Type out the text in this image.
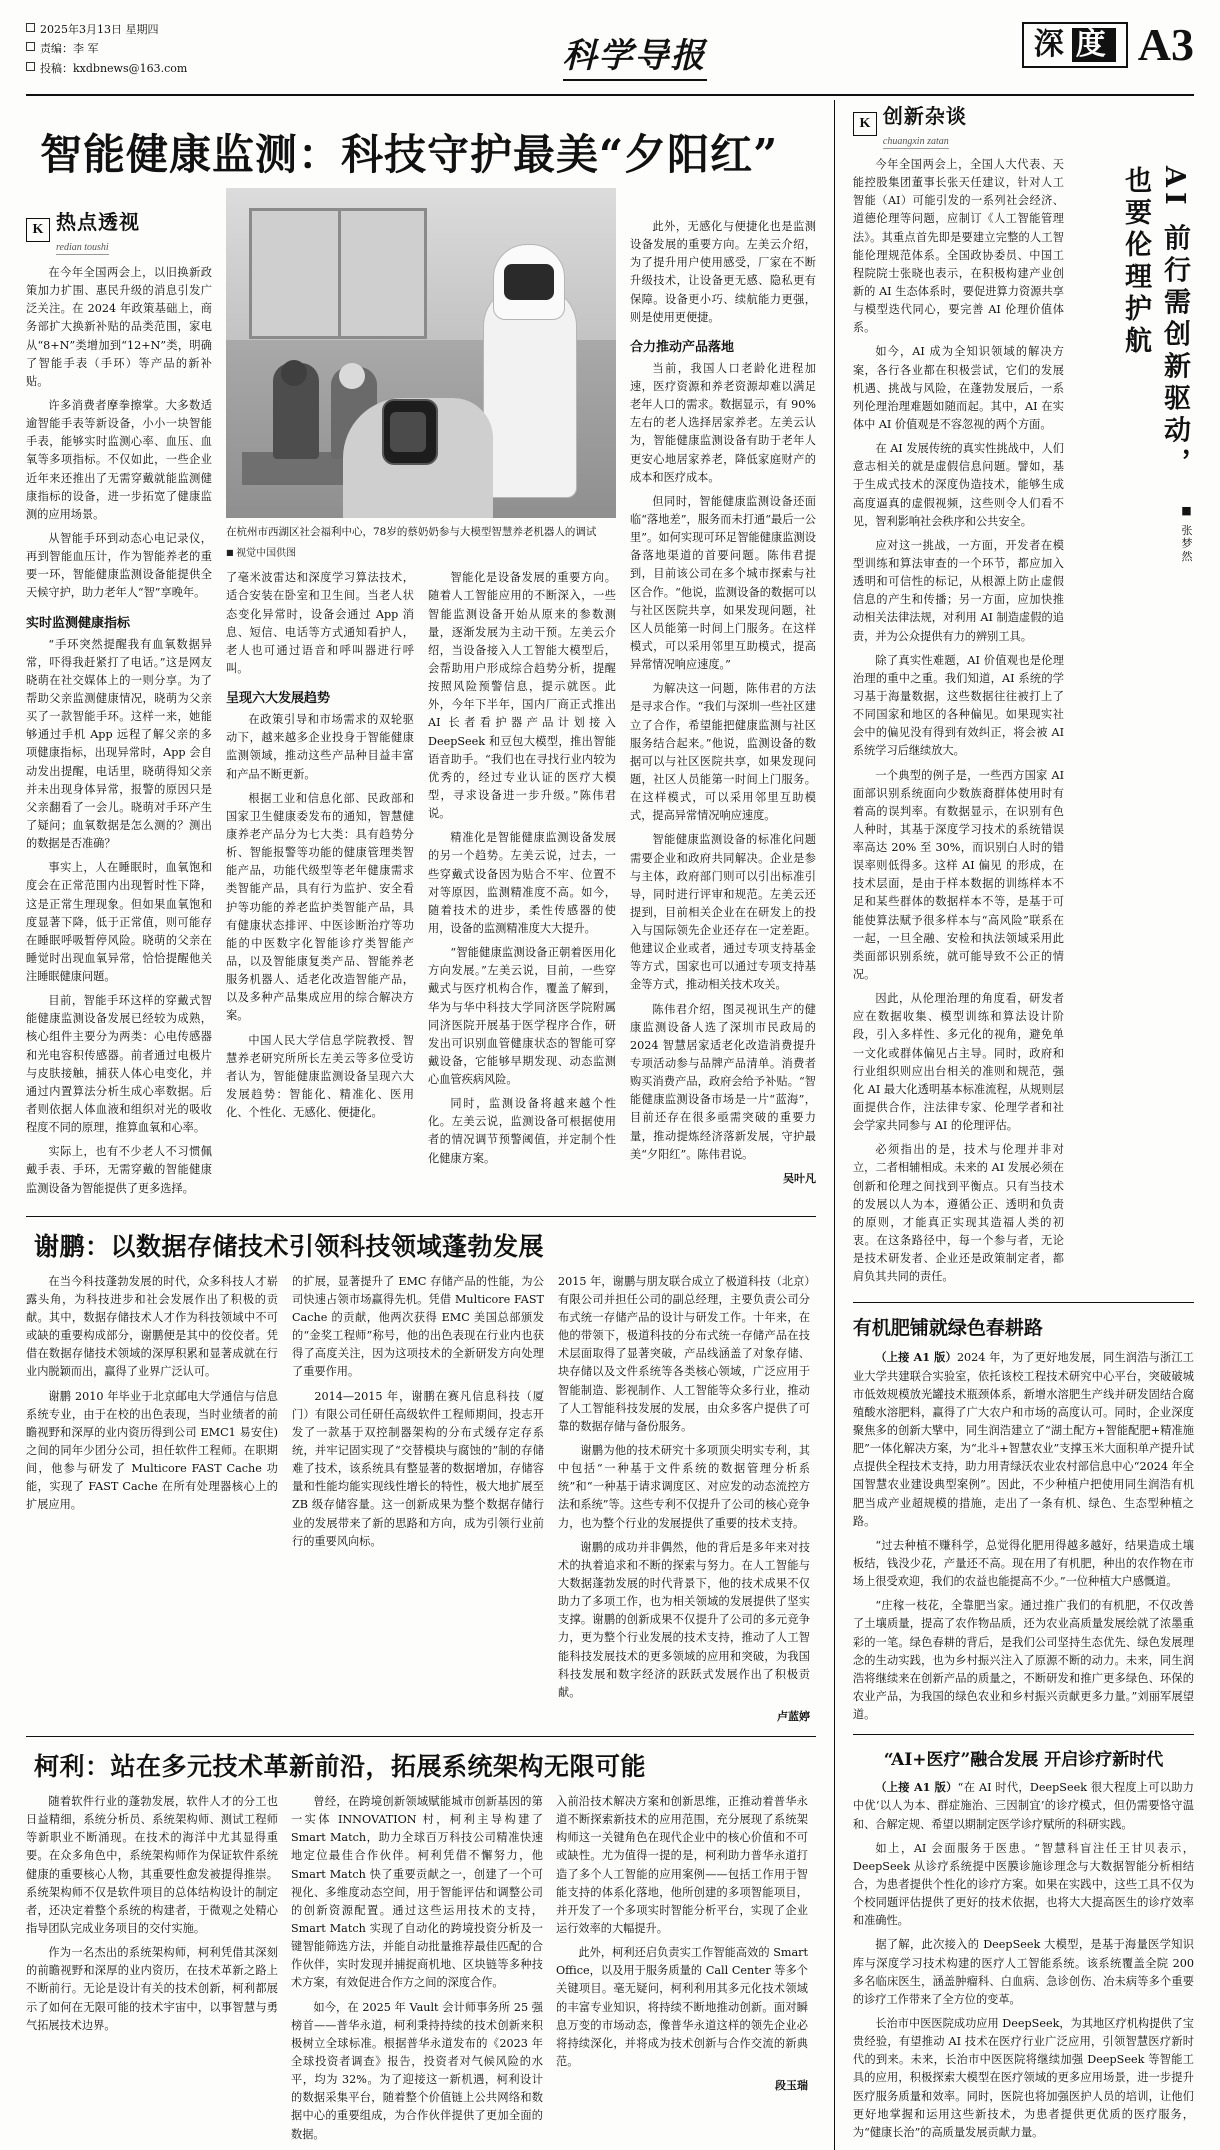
2025年3月13日 星期四
责编：李 军
投稿：kxdbnews@163.com	科学导报	深 度 A3
智能健康监测：科技守护最美“夕阳红”
K 热点透视
redian toushi

在今年全国两会上，以旧换新政策加力扩围、惠民升级的消息引发广泛关注。在 2024 年政策基础上，商务部扩大换新补贴的品类范围，家电从“8+N”类增加到“12+N”类，明确了智能手表（手环）等产品的新补贴。

许多消费者摩拳擦掌。大多数适逾智能手表等新设备，小小一块智能手表，能够实时监测心率、血压、血氧等多项指标。不仅如此，一些企业近年来还推出了无需穿戴就能监测健康指标的设备，进一步拓宽了健康监测的应用场景。

从智能手环到动态心电记录仪，再到智能血压计，作为智能养老的重要一环，智能健康监测设备能提供全天候守护，助力老年人“智”享晚年。

实时监测健康指标

“手环突然提醒我有血氧数据异常，吓得我赶紧打了电话。”这是网友晓萌在社交媒体上的一则分享。为了帮助父亲监测健康情况，晓萌为父亲买了一款智能手环。这样一来，她能够通过手机 App 远程了解父亲的多项健康指标，出现异常时，App 会自动发出提醒，电话里，晓萌得知父亲并未出现身体异常，报警的原因只是父亲翻看了一会儿。晓萌对手环产生了疑问；血氧数据是怎么测的？测出的数据是否准确？

事实上，人在睡眠时，血氧饱和度会在正常范围内出现暂时性下降，这是正常生理现象。但如果血氧饱和度显著下降，低于正常值，则可能存在睡眠呼吸暂停风险。晓萌的父亲在睡觉时出现血氧异常，恰恰提醒他关注睡眠健康问题。

目前，智能手环这样的穿戴式智能健康监测设备发展已经较为成熟，核心组件主要分为两类：心电传感器和光电容积传感器。前者通过电极片与皮肤接触，捕获人体心电变化，并通过内置算法分析生成心率数据。后者则依据人体血液和组织对光的吸收程度不同的原理，推算血氧和心率。

实际上，也有不少老人不习惯佩戴手表、手环，无需穿戴的智能健康监测设备为智能提供了更多选择。

在杭州市西湖区社会福利中心，78岁的蔡奶奶参与大模型智慧养老机器人的调试
■ 视觉中国供图

了毫米波雷达和深度学习算法技术，适合安装在卧室和卫生间。当老人状态变化异常时，设备会通过 App 消息、短信、电话等方式通知看护人，老人也可通过语音和呼叫器进行呼叫。

呈现六大发展趋势

在政策引导和市场需求的双轮驱动下，越来越多企业投身于智能健康监测领域，推动这些产品种目益丰富和产品不断更新。

根据工业和信息化部、民政部和国家卫生健康委发布的通知，智慧健康养老产品分为七大类：具有趋势分析、智能报警等功能的健康管理类智能产品，功能代级型等老年健康需求类智能产品，具有行为监护、安全看护等功能的养老监护类智能产品，具有健康状态排评、中医诊断治疗等功能的中医数字化智能诊疗类智能产品，以及智能康复类产品、智能养老服务机器人、适老化改造智能产品，以及多种产品集成应用的综合解决方案。

中国人民大学信息学院教授、智慧养老研究所所长左美云等多位受访者认为，智能健康监测设备呈现六大发展趋势：智能化、精准化、医用化、个性化、无感化、便捷化。

智能化是设备发展的重要方向。随着人工智能应用的不断深入，一些智能监测设备开始从原来的参数测量，逐渐发展为主动干预。左美云介绍，当设备接入人工智能大模型后，会帮助用户形成综合趋势分析，提醒按照风险预警信息，提示就医。此外，今年下半年，国内厂商正式推出 AI 长者看护器产品计划接入 DeepSeek 和豆包大模型，推出智能语音助手。“我们也在寻找行业内较为优秀的，经过专业认证的医疗大模型，寻求设备进一步升级。”陈伟君说。

精准化是智能健康监测设备发展的另一个趋势。左美云说，过去，一些穿戴式设备因为贴合不牢、位置不对等原因，监测精准度不高。如今，随着技术的进步，柔性传感器的使用，设备的监测精准度大大提升。

“智能健康监测设备正朝着医用化方向发展。”左美云说，目前，一些穿戴式与医疗机构合作，覆盖了解到，华为与华中科技大学同济医学院附属同济医院开展基于医学程序合作，研发出可识别血管健康状态的智能可穿戴设备，它能够早期发现、动态监测心血管疾病风险。

同时，监测设备将越来越个性化。左美云说，监测设备可根据使用者的情况调节预警阈值，并定制个性化健康方案。

此外，无感化与便捷化也是监测设备发展的重要方向。左美云介绍，为了提升用户使用感受，厂家在不断升级技术，让设备更无感、隐私更有保障。设备更小巧、续航能力更强，则是使用更便捷。

合力推动产品落地

当前，我国人口老龄化进程加速，医疗资源和养老资源却难以满足老年人口的需求。数据显示，有 90% 左右的老人选择居家养老。左美云认为，智能健康监测设备有助于老年人更安心地居家养老，降低家庭财产的成本和医疗成本。

但同时，智能健康监测设备还面临“落地差”，服务而未打通“最后一公里”。如何实现可环足智能健康监测设备落地渠道的首要问题。陈伟君提到，目前该公司在多个城市探索与社区合作。“他说，监测设备的数据可以与社区医院共享，如果发现问题，社区人员能第一时间上门服务。在这样模式，可以采用邻里互助模式，提高异常情况响应速度。”

为解决这一问题，陈伟君的方法是寻求合作。“我们与深圳一些社区建立了合作，希望能把健康监测与社区服务结合起来。”他说，监测设备的数据可以与社区医院共享，如果发现问题，社区人员能第一时间上门服务。在这样模式，可以采用邻里互助模式，提高异常情况响应速度。

智能健康监测设备的标准化问题需要企业和政府共同解决。企业是参与主体，政府部门则可以引出标准引导，同时进行评审和规范。左美云还提到，目前相关企业在在研发上的投入与国际领先企业还存在一定差距。他建议企业或者，通过专项支持基金等方式，国家也可以通过专项支持基金等方式，推动相关技术攻关。

陈伟君介绍，图灵视讯生产的健康监测设备人选了深圳市民政局的 2024 智慧居家适老化改造消费提升专项活动参与品牌产品清单。消费者购买消费产品，政府会给予补贴。“智能健康监测设备市场是一片“蓝海”，目前还存在很多亟需突破的重要力量，推动提炼经济落新发展，守护最美“夕阳红”。陈伟君说。

吴叶凡
谢鹏：以数据存储技术引领科技领域蓬勃发展

在当今科技蓬勃发展的时代，众多科技人才崭露头角，为科技进步和社会发展作出了积极的贡献。其中，数据存储技术人才作为科技领域中不可或缺的重要构成部分，谢鹏便是其中的佼佼者。凭借在数据存储技术领域的深厚积累和显著成就在行业内脱颖而出，赢得了业界广泛认可。

谢鹏 2010 年毕业于北京邮电大学通信与信息系统专业，由于在校的出色表现，当时业绩者的前瞻视野和深厚的业内资历得到公司 EMC1 易安住)之间的同年少团分公司，担任软件工程师。在职期间，他参与研发了 Multicore FAST Cache 功能，实现了 FAST Cache 在所有处理器核心上的扩展应用。

的扩展，显著提升了 EMC 存储产品的性能，为公司快速占领市场赢得先机。凭借 Multicore FAST Cache 的贡献，他两次获得 EMC 美国总部颁发的“金奖工程师”称号，他的出色表现在行业内也获得了高度关注，因为这项技术的全新研发方向处理了重要作用。

2014—2015 年，谢鹏在赛凡信息科技（厦门）有限公司任研任高级软件工程师期间，投志开发了一款基于双控制器架构的分布式缓存定存系统，并牢记固实现了“交替模块与腐蚀的”制的存储难了技术，该系统具有整显著的数据增加，存储容量和性能均能实现线性增长的特性，极大地扩展至 ZB 级存储容量。这一创新成果为整个数据存储行业的发展带来了新的思路和方向，成为引领行业前行的重要风向标。

2015 年，谢鹏与朋友联合成立了极道科技（北京）有限公司并担任公司的副总经理，主要负责公司分布式统一存储产品的设计与研发工作。十年来，在他的带领下，极道科技的分布式统一存储产品在技术层面取得了显著突破，产品线涵盖了对象存储、块存储以及文件系统等各类核心领域，广泛应用于智能制造、影视制作、人工智能等众多行业，推动了人工智能科技发展的发展，由众多客户提供了可靠的数据存储与备份服务。

谢鹏为他的技术研究十多项顶尖明实专利，其中包括“一种基于文件系统的数据管理分析系统”和“一种基于请求调度区、对应发的动态流控方法和系统”等。这些专利不仅提升了公司的核心竞争力，也为整个行业的发展提供了重要的技术支持。

谢鹏的成功并非偶然，他的背后是多年来对技术的执着追求和不断的探索与努力。在人工智能与大数据蓬勃发展的时代背景下，他的技术成果不仅助力了多项工作，也为相关领域的发展提供了坚实支撑。谢鹏的创新成果不仅提升了公司的多元竞争力，更为整个行业发展的技术支持，推动了人工智能科技发展技术的更多领域的应用和突破，为我国科技发展和数字经济的跃跃式发展作出了积极贡献。

卢蓝婷
柯利：站在多元技术革新前沿，拓展系统架构无限可能

随着软件行业的蓬勃发展，软件人才的分工也日益精细，系统分析员、系统架构师、测试工程师等新职业不断涌现。在技术的海洋中尤其显得重要。在众多角色中，系统架构师作为保证软件系统健康的重要核心人物，其重要性愈发被提得推崇。系统架构师不仅是软件项目的总体结构设计的制定者，还决定着整个系统的构建者，于微观之处精心指导团队完成业务项目的交付实施。

作为一名杰出的系统架构师，柯利凭借其深刻的前瞻视野和深厚的业内资历，在技术革新之路上不断前行。无论是设计有关的技术创新，柯利都展示了如何在无限可能的技术宇宙中，以事智慧与勇气拓展技术边界。

曾经，在跨境创新领域赋能城市创新基因的第一实体 INNOVATION 村，柯利主导构建了 Smart Match，助力全球百万科技公司精准快速地定位最佳合作伙伴。柯利凭借不懈努力，他 Smart Match 快了重要贡献之一，创建了一个可视化、多维度动态空间，用于智能评估和调整公司的创新资源配置。通过这些运用技术的支持，Smart Match 实现了自动化的跨境投资分析及一键智能筛选方法，并能自动批量推荐最佳匹配的合作伙伴，实时发现并捕捉商机地、区块链等多种技术方案，有效促进合作方之间的深度合作。

如今，在 2025 年 Vault 会计师事务所 25 强榜首——普华永道，柯利秉持持续的技术创新来积极树立全球标准。根据普华永道发布的《2023 年全球投资者调查》报告，投资者对气候风险的水平，均为 32%。为了迎接这一新机遇，柯利设计的数据采集平台，随着整个价值链上公共网络和数据中心的重要组成，为合作伙伴提供了更加全面的数据。

入前沿技术解决方案和创新思维，正推动着普华永道不断探索新技术的应用范围，充分展现了系统架构师这一关键角色在现代企业中的核心价值和不可或缺性。尤为值得一提的是，柯利助力普华永道打造了多个人工智能的应用案例——包括工作用于智能支持的体系化落地，他所创建的多项智能项目，并开发了一个多项实时智能分析平台，实现了企业运行效率的大幅提升。

此外，柯利还启负责实工作智能高效的 Smart Office，以及用于服务质量的 Call Center 等多个关键项目。毫无疑问，柯利利用其多元化技术领域的丰富专业知识，将持续不断地推动创新。面对瞬息万变的市场动态，像普华永道这样的领先企业必将持续深化，并将成为技术创新与合作交流的新典范。

段玉瑞
K 创新杂谈
chuangxin zatan

今年全国两会上，全国人大代表、天能控股集团董事长张天任建议，针对人工智能（AI）可能引发的一系列社会经济、道德伦理等问题，应制订《人工智能管理法》。其重点首先即是要建立完整的人工智能伦理规范体系。全国政协委员、中国工程院院士张晓也表示，在积极构建产业创新的 AI 生态体系时，要促进算力资源共享与模型迭代同心，要完善 AI 伦理价值体系。

如今，AI 成为全知识领域的解决方案，各行各业都在积极尝试，它们的发展机遇、挑战与风险，在蓬勃发展后，一系列伦理治理难题如随而起。其中，AI 在实体中 AI 价值观是不容忽视的两个方面。

在 AI 发展传统的真实性挑战中，人们意志相关的就是虚假信息问题。譬如，基于生成式技术的深度伪造技术，能够生成高度逼真的虚假视频，这些则令人们看不见，智利影响社会秩序和公共安全。

应对这一挑战，一方面，开发者在模型训练和算法审查的一个环节，都应加入透明和可信性的标记，从根源上防止虚假信息的产生和传播；另一方面，应加快推动相关法律法规，对利用 AI 制造虚假的追责，并为公众提供有力的辨别工具。

除了真实性难题，AI 价值观也是伦理治理的重中之重。我们知道，AI 系统的学习基于海量数据，这些数据往往被打上了不同国家和地区的各种偏见。如果现实社会中的偏见没有得到有效纠正，将会被 AI 系统学习后继续放大。

一个典型的例子是，一些西方国家 AI 面部识别系统面向少数族裔群体使用时有着高的误判率。有数据显示，在识别有色人种时，其基于深度学习技术的系统错误率高达 20% 至 30%，而识别白人时的错误率则低得多。这样 AI 偏见 的形成，在技术层面，是由于样本数据的训练样本不足和某些群体的数据样本不等，是基于可能使算法赋予很多样本与“高风险”联系在一起，一旦全融、安检和执法领域采用此类面部识别系统，就可能导致不公正的情况。

因此，从伦理治理的角度看，研发者应在数据收集、模型训练和算法设计阶段，引入多样性、多元化的视角，避免单一文化或群体偏见占主导。同时，政府和行业组织则应出台相关的准则和规范，强化 AI 最大化透明基本标准流程，从规则层面提供合作，注法律专家、伦理学者和社会学家共同参与 AI 的伦理评估。

必须指出的是，技术与伦理并非对立，二者相辅相成。未来的 AI 发展必须在创新和伦理之间找到平衡点。只有当技术的发展以人为本，遵循公正、透明和负责的原则，才能真正实现其造福人类的初衷。在这条路径中，每一个参与者，无论是技术研发者、企业还是政策制定者，都肩负其共同的责任。

AI 前行需创新驱动，也要伦理护航
■ 张梦然
有机肥铺就绿色春耕路

（上接 A1 版）2024 年，为了更好地发展，同生润浩与浙江工业大学共建联合实验室，依托该校工程技术研究中心平台，突破破城市低效规模放光罐技术瓶颈体系，新增水溶肥生产线并研发固结合腐殖酸水溶肥料，赢得了广大农户和市场的高度认可。同时，企业深度聚焦多的创新大擘中，同生润浩建立了“湖土配方+智能配肥+精准施肥”一体化解决方案，为“北斗+智慧农业”支撑玉米大面积单产提升试点提供全程技术支持，助力用青绿沃农业农村部信息中心“2024 年全国智慧农业建设典型案例”。因此，不少种植户把使用同生润浩有机肥当成产业超规模的措施，走出了一条有机、绿色、生态型种植之路。

“过去种植不赚科学，总觉得化肥用得越多越好，结果造成土壤板结，钱没少花，产量还不高。现在用了有机肥，种出的农作物在市场上很受欢迎，我们的农益也能提高不少。”一位种植大户感慨道。

“庄稼一枝花，全靠肥当家。通过推广我们的有机肥，不仅改善了土壤质量，提高了农作物品质，还为农业高质量发展绘就了浓墨重彩的一笔。绿色春耕的背后，是我们公司坚持生态优先、绿色发展理念的生动实践，也为乡村振兴注入了原源不断的动力。未来，同生润浩将继续来在创新产品的质量之，不断研发和推广更多绿色、环保的农业产品，为我国的绿色农业和乡村振兴贡献更多力量。”刘丽军展望道。

“AI+医疗”融合发展 开启诊疗新时代

（上接 A1 版）“在 AI 时代，DeepSeek 很大程度上可以助力中优‘以人为本、群症施治、三因制宜’的诊疗模式，但仍需要恪守温和、合解定规、希望以期制定医学诊疗赋所的科研实践。

如上，AI 会面服务于医患。“智慧科盲注任王甘贝表示，DeepSeek 从诊疗系统提中医膜诊施诊理念与大数据智能分析相结合，为患者提供个性化的诊疗方案。如果在实践中，这些工具不仅为个校同题评估提供了更好的技术依据，也将大大提高医生的诊疗效率和准确性。

据了解，此次接入的 DeepSeek 大模型，是基于海量医学知识库与深度学习技术构建的医疗人工智能系统。该系统覆盖全院 200 多名临床医生，涵盖肿瘤科、白血病、急诊创伤、冶未病等多个重要的诊疗工作带来了全方位的变革。

长治市中医医院成功应用 DeepSeek，为其地区疗机构提供了宝贵经验，有望推动 AI 技术在医疗行业广泛应用，引领智慧医疗新时代的到来。未来，长治市中医医院将继续加强 DeepSeek 等智能工具的应用，积极探索大模型在医疗领域的更多应用场景，进一步提升医疗服务质量和效率。同时，医院也将加强医护人员的培训，让他们更好地掌握和运用这些新技术，为患者提供更优质的医疗服务，为“健康长治”的高质量发展贡献力量。
